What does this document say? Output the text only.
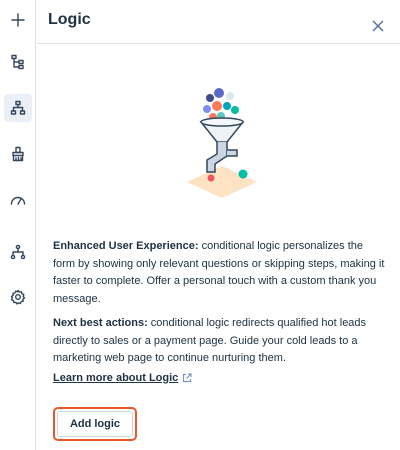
Logic

Enhanced User Experience: conditional logic personalizes the form by showing only relevant questions or skipping steps, making it faster to complete. Offer a personal touch with a custom thank you message.

Next best actions: conditional logic redirects qualified hot leads directly to sales or a payment page. Guide your cold leads to a marketing web page to continue nurturing them.

Learn more about Logic
Add logic
